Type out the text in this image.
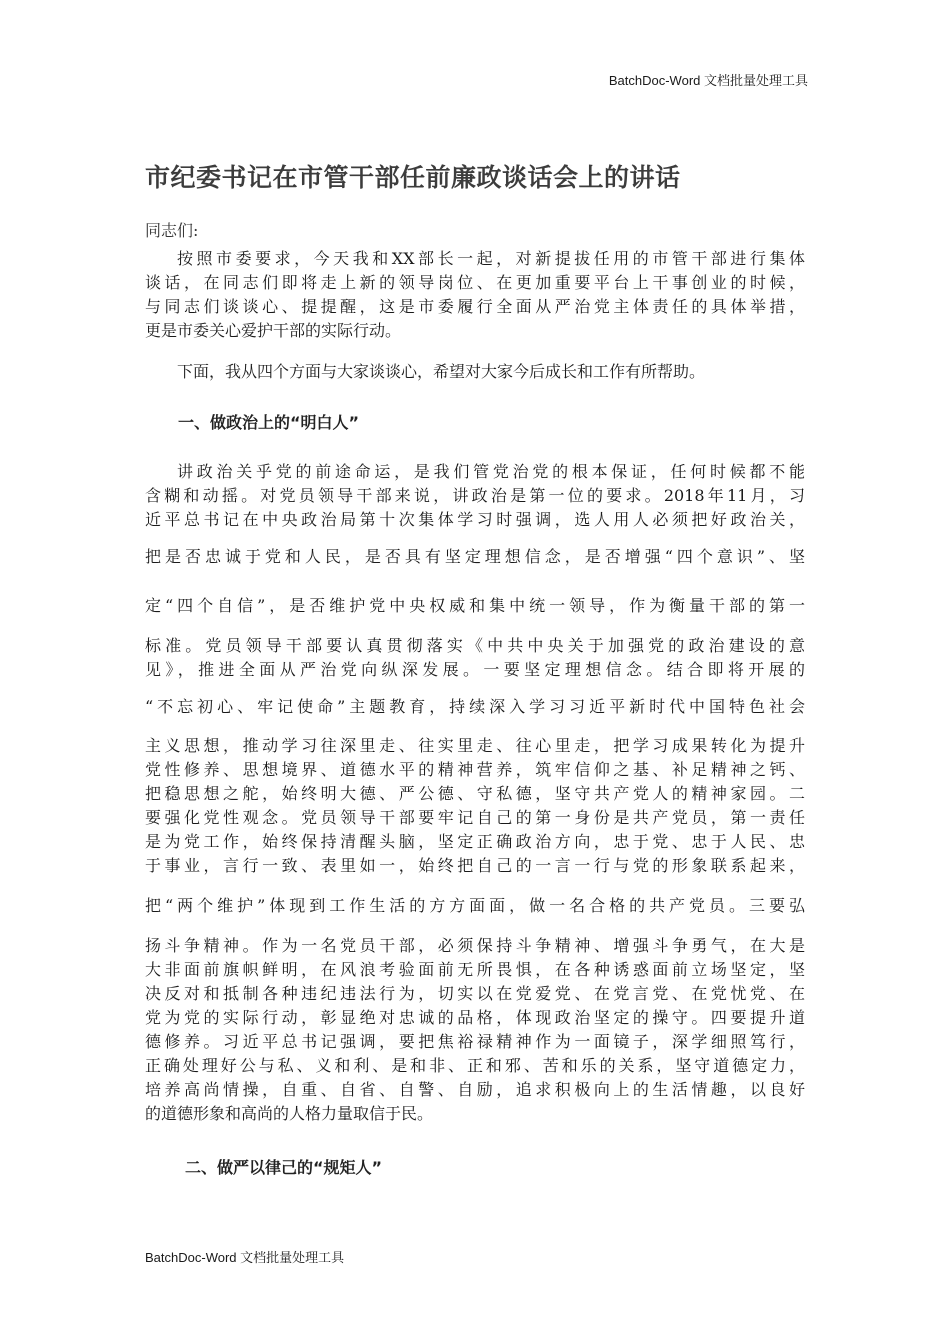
BatchDoc-Word 文档批量处理工具
市纪委书记在市管干部任前廉政谈话会上的讲话

同志们:

按照市委要求，今天我和XX部长一起，对新提拔任用的市管干部进行集体

谈话，在同志们即将走上新的领导岗位、在更加重要平台上干事创业的时候，

与同志们谈谈心、提提醒，这是市委履行全面从严治党主体责任的具体举措，

更是市委关心爱护干部的实际行动。

下面，我从四个方面与大家谈谈心，希望对大家今后成长和工作有所帮助。

一、做政治上的“明白人”

讲政治关乎党的前途命运，是我们管党治党的根本保证，任何时候都不能

含糊和动摇。对党员领导干部来说，讲政治是第一位的要求。2018年11月，习

近平总书记在中央政治局第十次集体学习时强调，选人用人必须把好政治关，

把是否忠诚于党和人民，是否具有坚定理想信念，是否增强“四个意识”、坚

定“四个自信”，是否维护党中央权威和集中统一领导，作为衡量干部的第一

标准。党员领导干部要认真贯彻落实《中共中央关于加强党的政治建设的意

见》，推进全面从严治党向纵深发展。一要坚定理想信念。结合即将开展的

“不忘初心、牢记使命”主题教育，持续深入学习习近平新时代中国特色社会

主义思想，推动学习往深里走、往实里走、往心里走，把学习成果转化为提升

党性修养、思想境界、道德水平的精神营养，筑牢信仰之基、补足精神之钙、

把稳思想之舵，始终明大德、严公德、守私德，坚守共产党人的精神家园。二

要强化党性观念。党员领导干部要牢记自己的第一身份是共产党员，第一责任

是为党工作，始终保持清醒头脑，坚定正确政治方向，忠于党、忠于人民、忠

于事业，言行一致、表里如一，始终把自己的一言一行与党的形象联系起来，

把“两个维护”体现到工作生活的方方面面，做一名合格的共产党员。三要弘

扬斗争精神。作为一名党员干部，必须保持斗争精神、增强斗争勇气，在大是

大非面前旗帜鲜明，在风浪考验面前无所畏惧，在各种诱惑面前立场坚定，坚

决反对和抵制各种违纪违法行为，切实以在党爱党、在党言党、在党忧党、在

党为党的实际行动，彰显绝对忠诚的品格，体现政治坚定的操守。四要提升道

德修养。习近平总书记强调，要把焦裕禄精神作为一面镜子，深学细照笃行，

正确处理好公与私、义和利、是和非、正和邪、苦和乐的关系，坚守道德定力，

培养高尚情操，自重、自省、自警、自励，追求积极向上的生活情趣，以良好

的道德形象和高尚的人格力量取信于民。

二、做严以律己的“规矩人”
BatchDoc-Word 文档批量处理工具
